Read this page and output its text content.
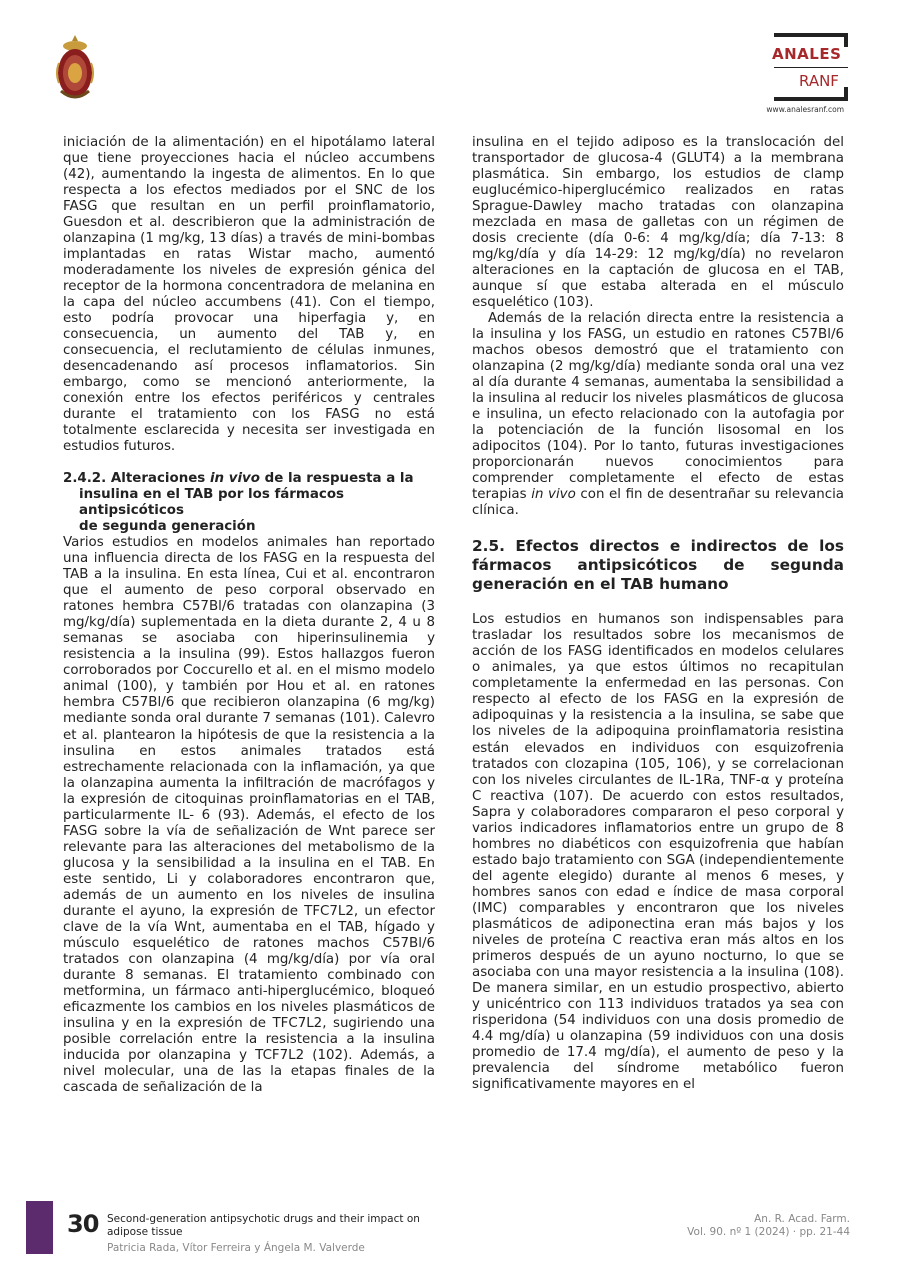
ANALES
RANF
www.analesranf.com

iniciación de la alimentación) en el hipotálamo lateral que tiene proyecciones hacia el núcleo accumbens (42), aumentando la ingesta de alimentos. En lo que respecta a los efectos mediados por el SNC de los FASG que resultan en un perfil proinflamatorio, Guesdon et al. describieron que la administración de olanzapina (1 mg/kg, 13 días) a través de mini-bombas implantadas en ratas Wistar macho, aumentó moderadamente los niveles de expresión génica del receptor de la hormona concentradora de melanina en la capa del núcleo accumbens (41). Con el tiempo, esto podría provocar una hiperfagia y, en consecuencia, un aumento del TAB y, en consecuencia, el reclutamiento de células inmunes, desencadenando así procesos inflamatorios. Sin embargo, como se mencionó anteriormente, la conexión entre los efectos periféricos y centrales durante el tratamiento con los FASG no está totalmente esclarecida y necesita ser investigada en estudios futuros.

2.4.2. Alteraciones in vivo de la respuesta a la
insulina en el TAB por los fármacos antipsicóticos
de segunda generación

Varios estudios en modelos animales han reportado una influencia directa de los FASG en la respuesta del TAB a la insulina. En esta línea, Cui et al. encontraron que el aumento de peso corporal observado en ratones hembra C57Bl/6 tratadas con olanzapina (3 mg/kg/día) suplementada en la dieta durante 2, 4 u 8 semanas se asociaba con hiperinsulinemia y resistencia a la insulina (99). Estos hallazgos fueron corroborados por Coccurello et al. en el mismo modelo animal (100), y también por Hou et al. en ratones hembra C57Bl/6 que recibieron olanzapina (6 mg/kg) mediante sonda oral durante 7 semanas (101). Calevro et al. plantearon la hipótesis de que la resistencia a la insulina en estos animales tratados está estrechamente relacionada con la inflamación, ya que la olanzapina aumenta la infiltración de macrófagos y la expresión de citoquinas proinflamatorias en el TAB, particularmente IL- 6 (93). Además, el efecto de los FASG sobre la vía de señalización de Wnt parece ser relevante para las alteraciones del metabolismo de la glucosa y la sensibilidad a la insulina en el TAB. En este sentido, Li y colaboradores encontraron que, además de un aumento en los niveles de insulina durante el ayuno, la expresión de TFC7L2, un efector clave de la vía Wnt, aumentaba en el TAB, hígado y músculo esquelético de ratones machos C57Bl/6 tratados con olanzapina (4 mg/kg/día) por vía oral durante 8 semanas. El tratamiento combinado con metformina, un fármaco anti-hiperglucémico, bloqueó eficazmente los cambios en los niveles plasmáticos de insulina y en la expresión de TFC7L2, sugiriendo una posible correlación entre la resistencia a la insulina inducida por olanzapina y TCF7L2 (102). Además, a nivel molecular, una de las la etapas finales de la cascada de señalización de la

insulina en el tejido adiposo es la translocación del transportador de glucosa-4 (GLUT4) a la membrana plasmática. Sin embargo, los estudios de clamp euglucémico-hiperglucémico realizados en ratas Sprague-Dawley macho tratadas con olanzapina mezclada en masa de galletas con un régimen de dosis creciente (día 0-6: 4 mg/kg/día; día 7-13: 8 mg/kg/día y día 14-29: 12 mg/kg/día) no revelaron alteraciones en la captación de glucosa en el TAB, aunque sí que estaba alterada en el músculo esquelético (103).

Además de la relación directa entre la resistencia a la insulina y los FASG, un estudio en ratones C57Bl/6 machos obesos demostró que el tratamiento con olanzapina (2 mg/kg/día) mediante sonda oral una vez al día durante 4 semanas, aumentaba la sensibilidad a la insulina al reducir los niveles plasmáticos de glucosa e insulina, un efecto relacionado con la autofagia por la potenciación de la función lisosomal en los adipocitos (104). Por lo tanto, futuras investigaciones proporcionarán nuevos conocimientos para comprender completamente el efecto de estas terapias in vivo con el fin de desentrañar su relevancia clínica.

2.5. Efectos directos e indirectos de los fármacos antipsicóticos de segunda generación en el TAB humano

Los estudios en humanos son indispensables para trasladar los resultados sobre los mecanismos de acción de los FASG identificados en modelos celulares o animales, ya que estos últimos no recapitulan completamente la enfermedad en las personas. Con respecto al efecto de los FASG en la expresión de adipoquinas y la resistencia a la insulina, se sabe que los niveles de la adipoquina proinflamatoria resistina están elevados en individuos con esquizofrenia tratados con clozapina (105, 106), y se correlacionan con los niveles circulantes de IL-1Ra, TNF-α y proteína C reactiva (107). De acuerdo con estos resultados, Sapra y colaboradores compararon el peso corporal y varios indicadores inflamatorios entre un grupo de 8 hombres no diabéticos con esquizofrenia que habían estado bajo tratamiento con SGA (independientemente del agente elegido) durante al menos 6 meses, y hombres sanos con edad e índice de masa corporal (IMC) comparables y encontraron que los niveles plasmáticos de adiponectina eran más bajos y los niveles de proteína C reactiva eran más altos en los primeros después de un ayuno nocturno, lo que se asociaba con una mayor resistencia a la insulina (108). De manera similar, en un estudio prospectivo, abierto y unicéntrico con 113 individuos tratados ya sea con risperidona (54 individuos con una dosis promedio de 4.4 mg/día) u olanzapina (59 individuos con una dosis promedio de 17.4 mg/día), el aumento de peso y la prevalencia del síndrome metabólico fueron significativamente mayores en el

30 Second-generation antipsychotic drugs and their impact on adipose tissue
Patricia Rada, Vítor Ferreira y Ángela M. Valverde
An. R. Acad. Farm.
Vol. 90. nº 1 (2024) · pp. 21-44
